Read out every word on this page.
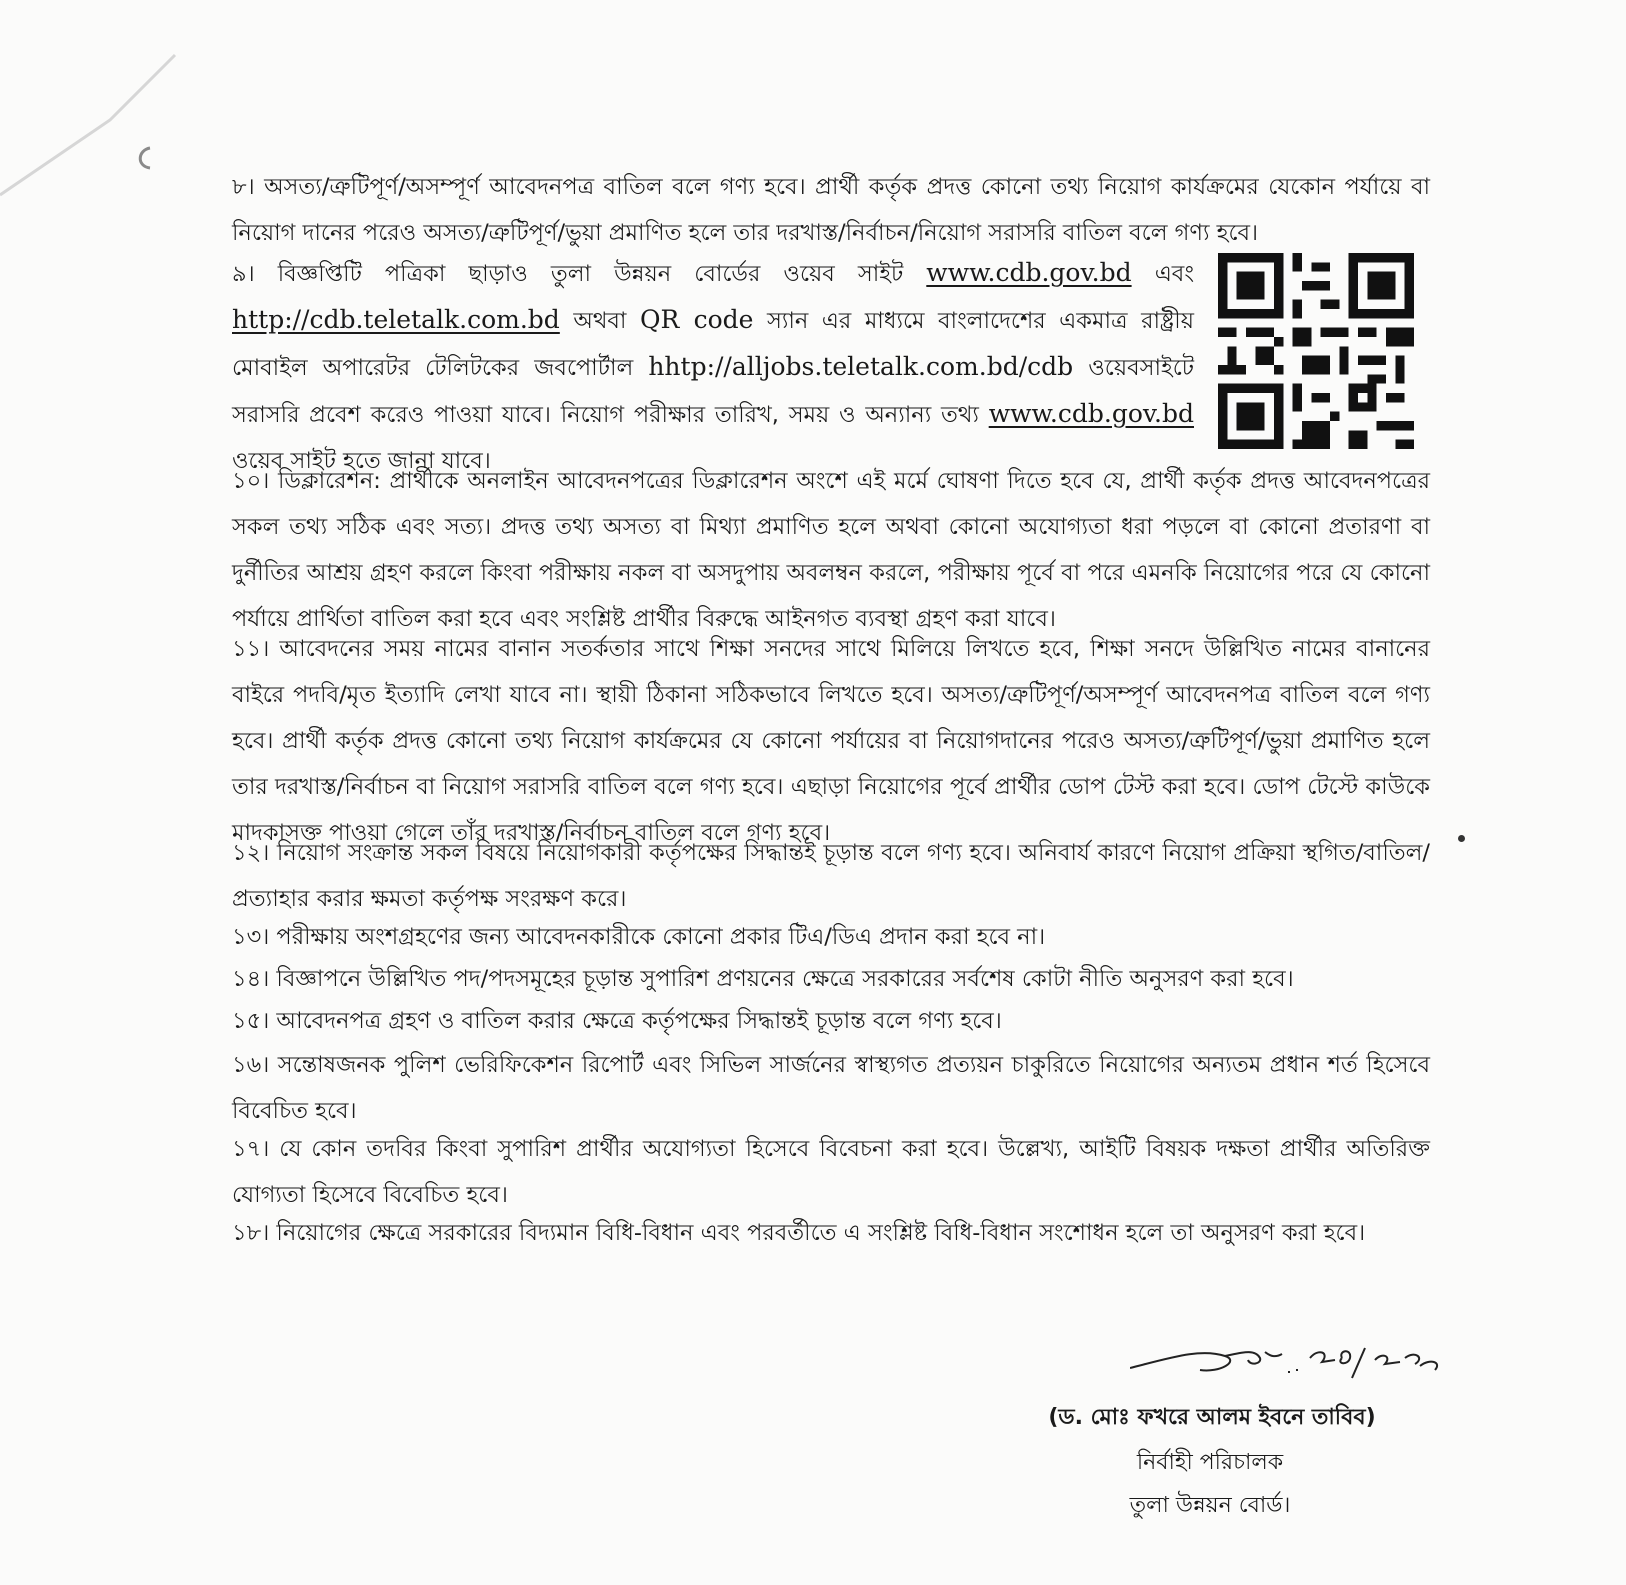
৮। অসত্য/ত্রুটিপূর্ণ/অসম্পূর্ণ আবেদনপত্র বাতিল বলে গণ্য হবে। প্রার্থী কর্তৃক প্রদত্ত কোনো তথ্য নিয়োগ কার্যক্রমের যেকোন পর্যায়ে বা নিয়োগ দানের পরেও অসত্য/ত্রুটিপূর্ণ/ভুয়া প্রমাণিত হলে তার দরখাস্ত/নির্বাচন/নিয়োগ সরাসরি বাতিল বলে গণ্য হবে।

৯। বিজ্ঞপ্তিটি পত্রিকা ছাড়াও তুলা উন্নয়ন বোর্ডের ওয়েব সাইট www.cdb.gov.bd এবং http://cdb.teletalk.com.bd অথবা QR code স্যান এর মাধ্যমে বাংলাদেশের একমাত্র রাষ্ট্রীয় মোবাইল অপারেটর টেলিটকের জবপোর্টাল hhtp://alljobs.teletalk.com.bd/cdb ওয়েবসাইটে সরাসরি প্রবেশ করেও পাওয়া যাবে। নিয়োগ পরীক্ষার তারিখ, সময় ও অন্যান্য তথ্য www.cdb.gov.bd ওয়েব সাইট হতে জানা যাবে।

১০। ডিক্লারেশন: প্রার্থীকে অনলাইন আবেদনপত্রের ডিক্লারেশন অংশে এই মর্মে ঘোষণা দিতে হবে যে, প্রার্থী কর্তৃক প্রদত্ত আবেদনপত্রের সকল তথ্য সঠিক এবং সত্য। প্রদত্ত তথ্য অসত্য বা মিথ্যা প্রমাণিত হলে অথবা কোনো অযোগ্যতা ধরা পড়লে বা কোনো প্রতারণা বা দুর্নীতির আশ্রয় গ্রহণ করলে কিংবা পরীক্ষায় নকল বা অসদুপায় অবলম্বন করলে, পরীক্ষায় পূর্বে বা পরে এমনকি নিয়োগের পরে যে কোনো পর্যায়ে প্রার্থিতা বাতিল করা হবে এবং সংশ্লিষ্ট প্রার্থীর বিরুদ্ধে আইনগত ব্যবস্থা গ্রহণ করা যাবে।

১১। আবেদনের সময় নামের বানান সতর্কতার সাথে শিক্ষা সনদের সাথে মিলিয়ে লিখতে হবে, শিক্ষা সনদে উল্লিখিত নামের বানানের বাইরে পদবি/মৃত ইত্যাদি লেখা যাবে না। স্থায়ী ঠিকানা সঠিকভাবে লিখতে হবে। অসত্য/ত্রুটিপূর্ণ/অসম্পূর্ণ আবেদনপত্র বাতিল বলে গণ্য হবে। প্রার্থী কর্তৃক প্রদত্ত কোনো তথ্য নিয়োগ কার্যক্রমের যে কোনো পর্যায়ের বা নিয়োগদানের পরেও অসত্য/ত্রুটিপূর্ণ/ভুয়া প্রমাণিত হলে তার দরখাস্ত/নির্বাচন বা নিয়োগ সরাসরি বাতিল বলে গণ্য হবে। এছাড়া নিয়োগের পূর্বে প্রার্থীর ডোপ টেস্ট করা হবে। ডোপ টেস্টে কাউকে মাদকাসক্ত পাওয়া গেলে তাঁর দরখাস্ত/নির্বাচন বাতিল বলে গণ্য হবে।

১২। নিয়োগ সংক্রান্ত সকল বিষয়ে নিয়োগকারী কর্তৃপক্ষের সিদ্ধান্তই চূড়ান্ত বলে গণ্য হবে। অনিবার্য কারণে নিয়োগ প্রক্রিয়া স্থগিত/বাতিল/প্রত্যাহার করার ক্ষমতা কর্তৃপক্ষ সংরক্ষণ করে।

১৩। পরীক্ষায় অংশগ্রহণের জন্য আবেদনকারীকে কোনো প্রকার টিএ/ডিএ প্রদান করা হবে না।

১৪। বিজ্ঞাপনে উল্লিখিত পদ/পদসমূহের চূড়ান্ত সুপারিশ প্রণয়নের ক্ষেত্রে সরকারের সর্বশেষ কোটা নীতি অনুসরণ করা হবে।

১৫। আবেদনপত্র গ্রহণ ও বাতিল করার ক্ষেত্রে কর্তৃপক্ষের সিদ্ধান্তই চূড়ান্ত বলে গণ্য হবে।

১৬। সন্তোষজনক পুলিশ ভেরিফিকেশন রিপোর্ট এবং সিভিল সার্জনের স্বাস্থ্যগত প্রত্যয়ন চাকুরিতে নিয়োগের অন্যতম প্রধান শর্ত হিসেবে বিবেচিত হবে।

১৭। যে কোন তদবির কিংবা সুপারিশ প্রার্থীর অযোগ্যতা হিসেবে বিবেচনা করা হবে। উল্লেখ্য, আইটি বিষয়ক দক্ষতা প্রার্থীর অতিরিক্ত যোগ্যতা হিসেবে বিবেচিত হবে।

১৮। নিয়োগের ক্ষেত্রে সরকারের বিদ্যমান বিধি-বিধান এবং পরবর্তীতে এ সংশ্লিষ্ট বিধি-বিধান সংশোধন হলে তা অনুসরণ করা হবে।

(ড. মোঃ ফখরে আলম ইবনে তাবিব)
নির্বাহী পরিচালক
তুলা উন্নয়ন বোর্ড।
